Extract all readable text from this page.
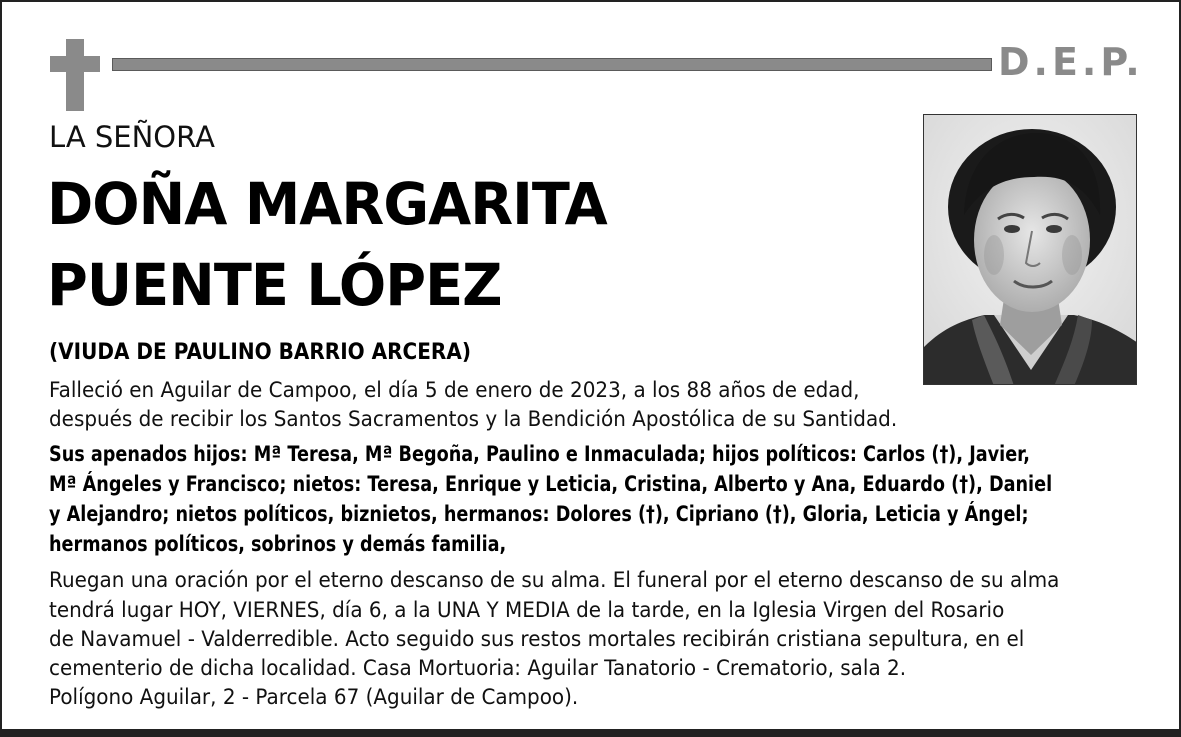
D.E.P.
LA SEÑORA
DOÑA MARGARITA
PUENTE LÓPEZ
(VIUDA DE PAULINO BARRIO ARCERA)
Falleció en Aguilar de Campoo, el día 5 de enero de 2023, a los 88 años de edad,
después de recibir los Santos Sacramentos y la Bendición Apostólica de su Santidad.
Sus apenados hijos: Mª Teresa, Mª Begoña, Paulino e Inmaculada; hijos políticos: Carlos (†), Javier,
Mª Ángeles y Francisco; nietos: Teresa, Enrique y Leticia, Cristina, Alberto y Ana, Eduardo (†), Daniel
y Alejandro; nietos políticos, biznietos, hermanos: Dolores (†), Cipriano (†), Gloria, Leticia y Ángel;
hermanos políticos, sobrinos y demás familia,
Ruegan una oración por el eterno descanso de su alma. El funeral por el eterno descanso de su alma
tendrá lugar HOY, VIERNES, día 6, a la UNA Y MEDIA de la tarde, en la Iglesia Virgen del Rosario
de Navamuel - Valderredible. Acto seguido sus restos mortales recibirán cristiana sepultura, en el
cementerio de dicha localidad. Casa Mortuoria: Aguilar Tanatorio - Crematorio, sala 2.
Polígono Aguilar, 2 - Parcela 67 (Aguilar de Campoo).
